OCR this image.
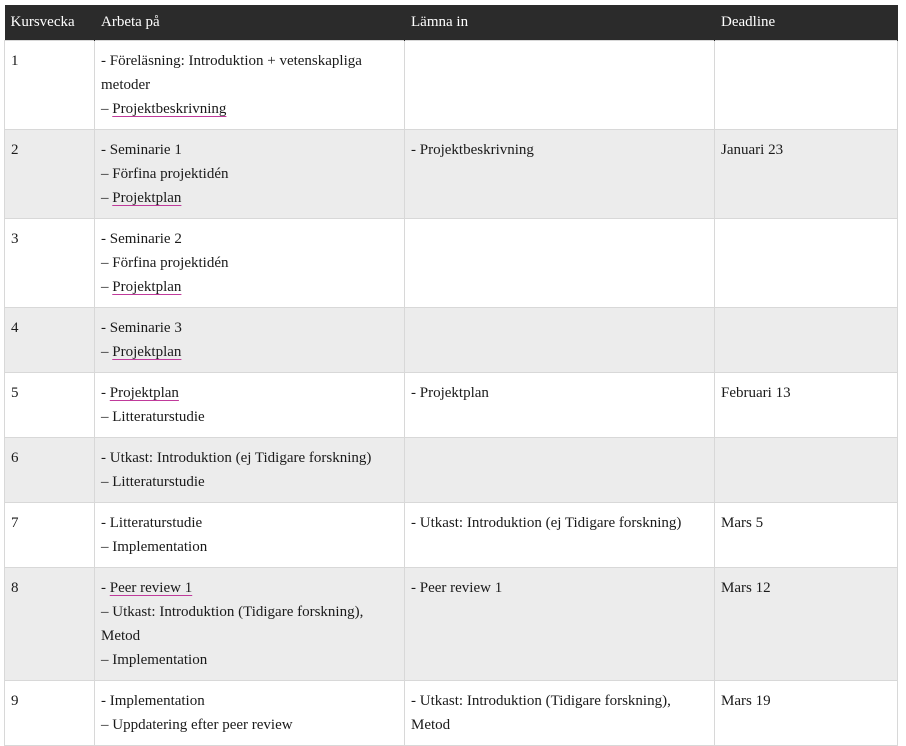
Kursvecka	Arbeta på	Lämna in	Deadline
1	- Föreläsning: Introduktion + vetenskapliga metoder
– Projektbeskrivning		

2	- Seminarie 1
– Förfina projektidén
– Projektplan	- Projektbeskrivning	Januari 23
3	- Seminarie 2
– Förfina projektidén
– Projektplan		

4	- Seminarie 3
– Projektplan		

5	- Projektplan
– Litteraturstudie	- Projektplan	Februari 13
6	- Utkast: Introduktion (ej Tidigare forskning)
– Litteraturstudie		

7	- Litteraturstudie
– Implementation	- Utkast: Introduktion (ej Tidigare forskning)	Mars 5
8	- Peer review 1
– Utkast: Introduktion (Tidigare forskning), Metod
– Implementation	- Peer review 1	Mars 12
9	- Implementation
– Uppdatering efter peer review	- Utkast: Introduktion (Tidigare forskning), Metod	Mars 19
